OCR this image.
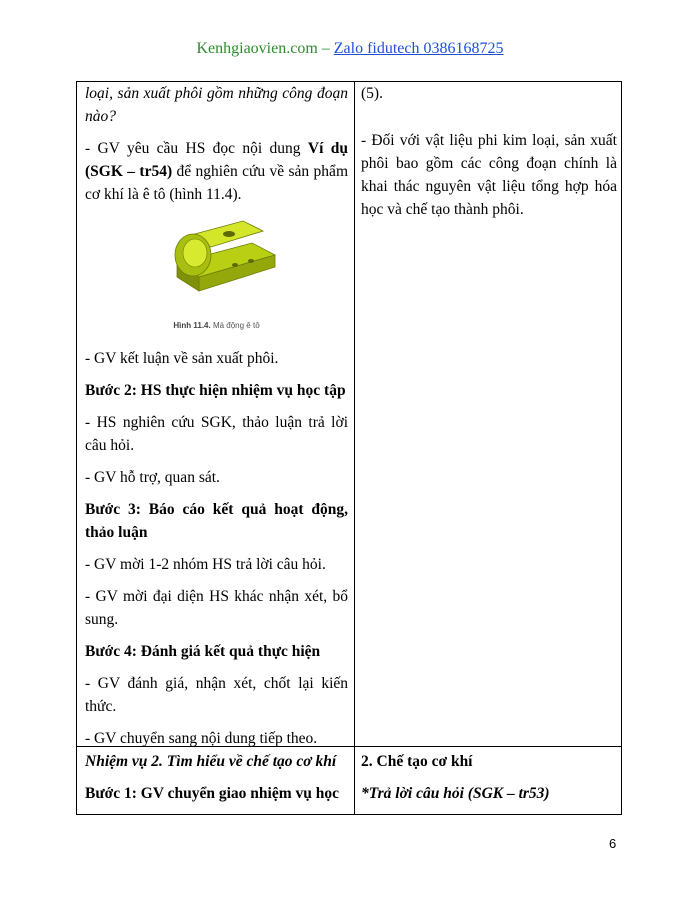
Kenhgiaovien.com – Zalo fidutech 0386168725

loại, sản xuất phôi gồm những công đoạn nào?

- GV yêu cầu HS đọc nội dung Ví dụ (SGK – tr54) để nghiên cứu về sản phẩm cơ khí là ê tô (hình 11.4).

Hình 11.4. Má động ê tô

- GV kết luận về sản xuất phôi.

Bước 2: HS thực hiện nhiệm vụ học tập

- HS nghiên cứu SGK, thảo luận trả lời câu hỏi.

- GV hỗ trợ, quan sát.

Bước 3: Báo cáo kết quả hoạt động, thảo luận

- GV mời 1-2 nhóm HS trả lời câu hỏi.

- GV mời đại diện HS khác nhận xét, bổ sung.

Bước 4: Đánh giá kết quả thực hiện

- GV đánh giá, nhận xét, chốt lại kiến thức.

- GV chuyển sang nội dung tiếp theo.

(5).

- Đối với vật liệu phi kim loại, sản xuất phôi bao gồm các công đoạn chính là khai thác nguyên vật liệu tổng hợp hóa học và chế tạo thành phôi.

Nhiệm vụ 2. Tìm hiểu về chế tạo cơ khí

Bước 1: GV chuyển giao nhiệm vụ học

2. Chế tạo cơ khí

*Trả lời câu hỏi (SGK – tr53)

6
